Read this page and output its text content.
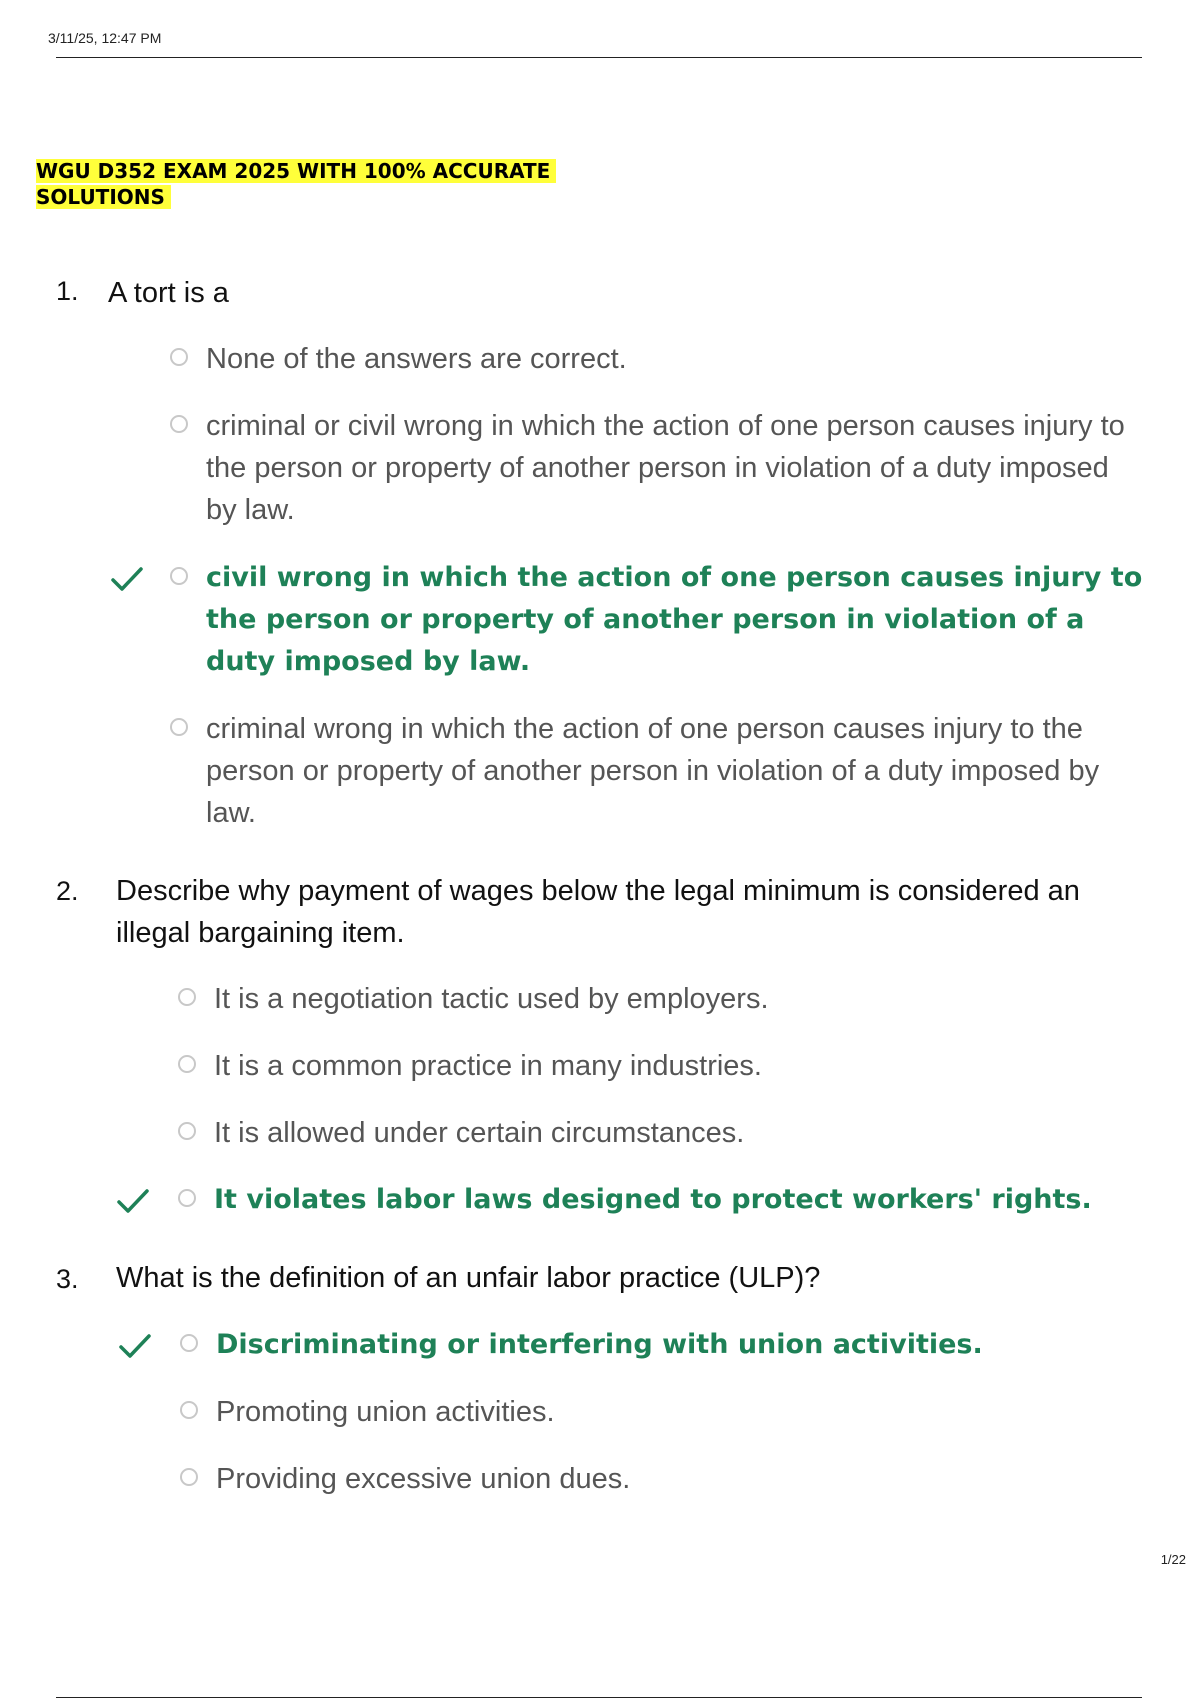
3/11/25, 12:47 PM
WGU D352 EXAM 2025 WITH 100% ACCURATE
SOLUTIONS
1. A tort is a
None of the answers are correct.
criminal or civil wrong in which the action of one person causes injury to the person or property of another person in violation of a duty imposed by law.
civil wrong in which the action of one person causes injury to the person or property of another person in violation of a duty imposed by law.
criminal wrong in which the action of one person causes injury to the person or property of another person in violation of a duty imposed by law.
2. Describe why payment of wages below the legal minimum is considered an illegal bargaining item.
It is a negotiation tactic used by employers.
It is a common practice in many industries.
It is allowed under certain circumstances.
It violates labor laws designed to protect workers' rights.
3. What is the definition of an unfair labor practice (ULP)?
Discriminating or interfering with union activities.
Promoting union activities.
Providing excessive union dues.
1/22
